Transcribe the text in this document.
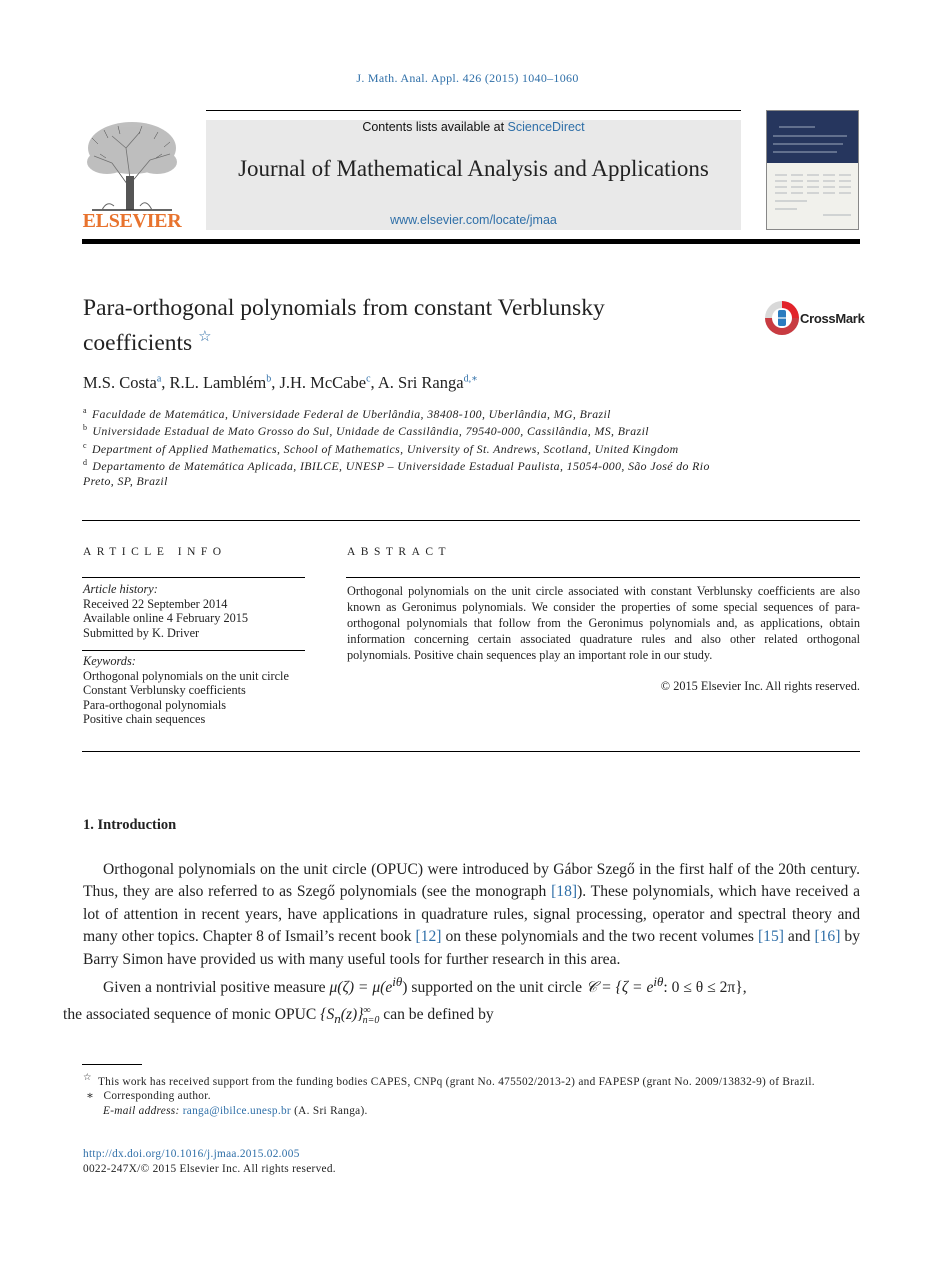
J. Math. Anal. Appl. 426 (2015) 1040–1060
ELSEVIER
Contents lists available at ScienceDirect
Journal of Mathematical Analysis and Applications
www.elsevier.com/locate/jmaa
Para-orthogonal polynomials from constant Verblunsky coefficients ☆
CrossMark
M.S. Costa$^a$, R.L. Lamblém$^b$, J.H. McCabe$^c$, A. Sri Ranga$^{d,∗}$
$^a$ Faculdade de Matemática, Universidade Federal de Uberlândia, 38408-100, Uberlândia, MG, Brazil
$^b$ Universidade Estadual de Mato Grosso do Sul, Unidade de Cassilândia, 79540-000, Cassilândia, MS, Brazil
$^c$ Department of Applied Mathematics, School of Mathematics, University of St. Andrews, Scotland, United Kingdom
$^d$ Departamento de Matemática Aplicada, IBILCE, UNESP – Universidade Estadual Paulista, 15054-000, São José do Rio Preto, SP, Brazil
ARTICLE INFO	ABSTRACT
Article history:
Received 22 September 2014
Available online 4 February 2015
Submitted by K. Driver
Keywords:
Orthogonal polynomials on the unit circle
Constant Verblunsky coefficients
Para-orthogonal polynomials
Positive chain sequences
Orthogonal polynomials on the unit circle associated with constant Verblunsky coefficients are also known as Geronimus polynomials. We consider the properties of some special sequences of para-orthogonal polynomials that follow from the Geronimus polynomials and, as applications, obtain information concerning certain associated quadrature rules and also other related orthogonal polynomials. Positive chain sequences play an important role in our study.
© 2015 Elsevier Inc. All rights reserved.
1. Introduction

Orthogonal polynomials on the unit circle (OPUC) were introduced by Gábor Szegő in the first half of the 20th century. Thus, they are also referred to as Szegő polynomials (see the monograph [18]). These polynomials, which have received a lot of attention in recent years, have applications in quadrature rules, signal processing, operator and spectral theory and many other topics. Chapter 8 of Ismail’s recent book [12] on these polynomials and the two recent volumes [15] and [16] by Barry Simon have provided us with many useful tools for further research in this area.

Given a nontrivial positive measure $\mu(\zeta) = \mu(e^{i\theta})$ supported on the unit circle 𝒞 = {$\zeta = e^{i\theta}$: 0 ≤ θ ≤ 2π},
the associated sequence of monic OPUC $\{S_n(z)\}^\infty_{n=0}$ can be defined by

☆ This work has received support from the funding bodies CAPES, CNPq (grant No. 475502/2013-2) and FAPESP (grant No. 2009/13832-9) of Brazil.
∗ Corresponding author.
E-mail address: ranga@ibilce.unesp.br (A. Sri Ranga).
http://dx.doi.org/10.1016/j.jmaa.2015.02.005
0022-247X/© 2015 Elsevier Inc. All rights reserved.
